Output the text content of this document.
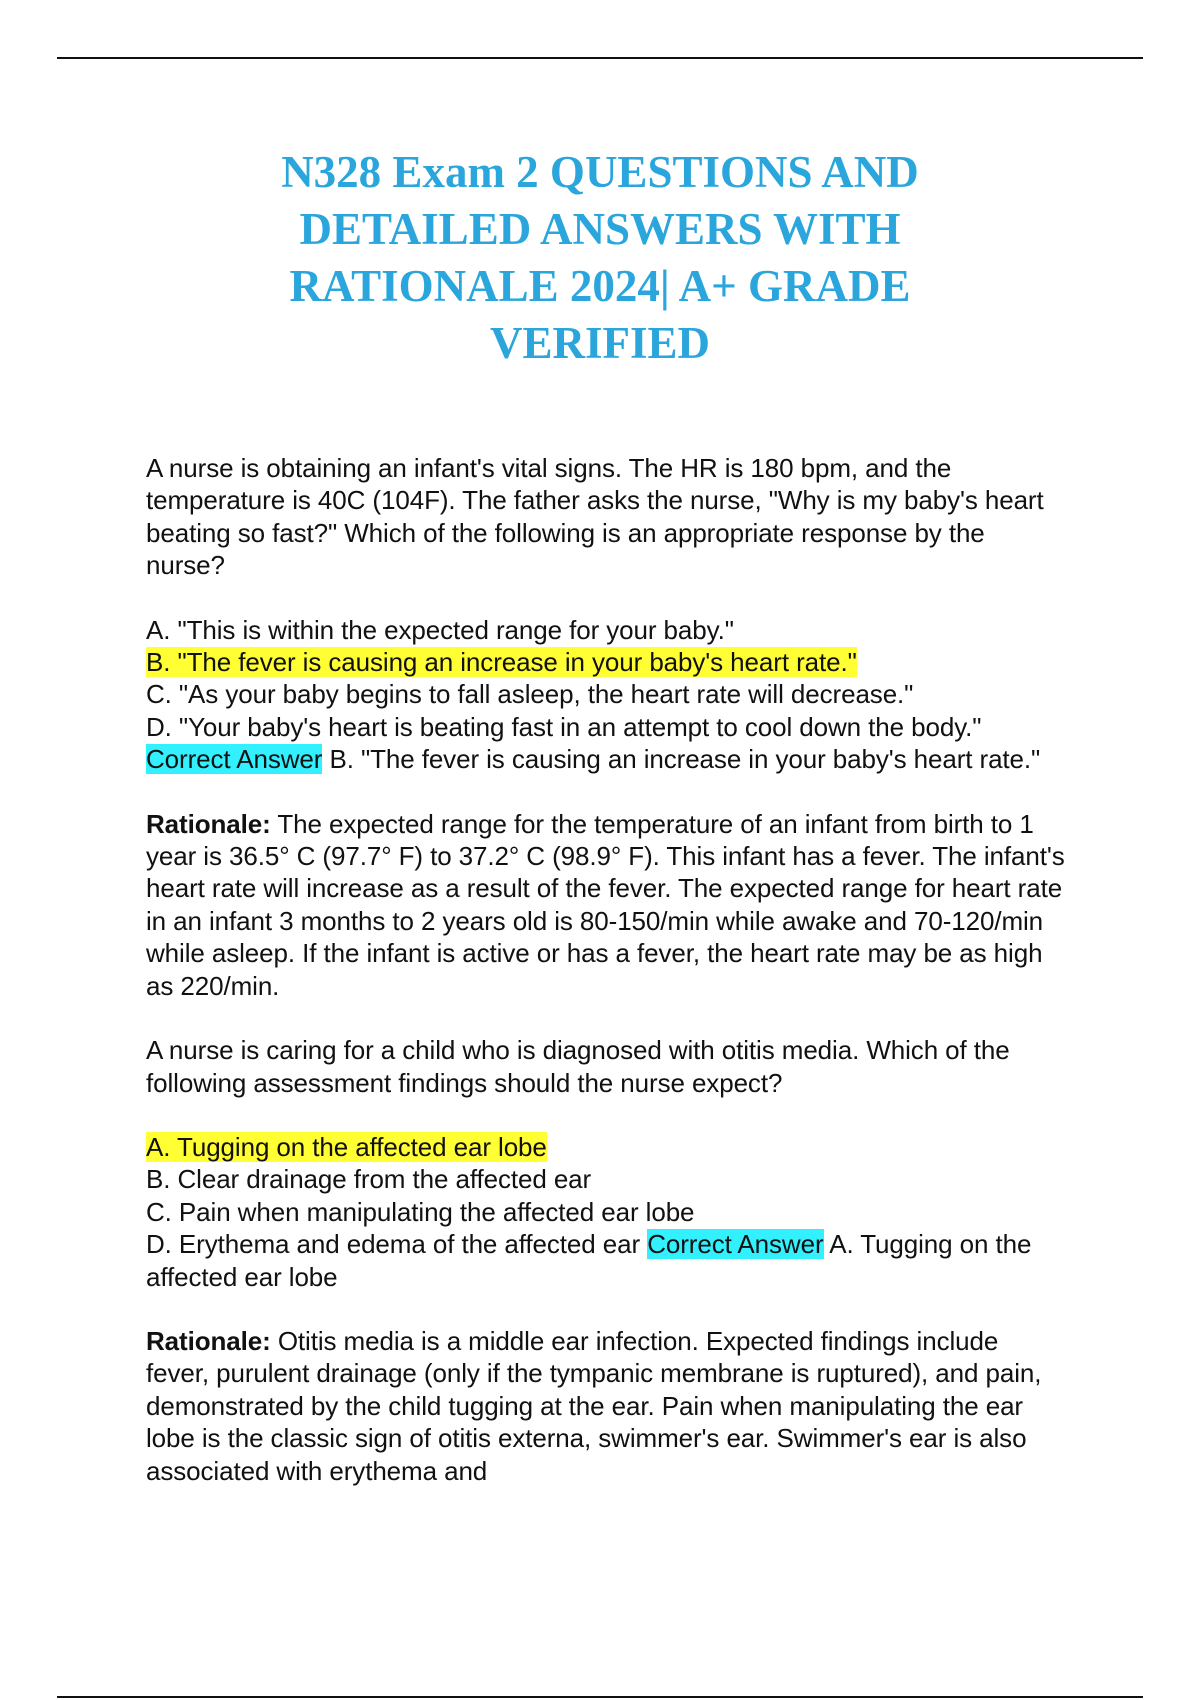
N328 Exam 2 QUESTIONS AND DETAILED ANSWERS WITH RATIONALE 2024| A+ GRADE VERIFIED

A nurse is obtaining an infant's vital signs. The HR is 180 bpm, and the temperature is 40C (104F). The father asks the nurse, "Why is my baby's heart beating so fast?" Which of the following is an appropriate response by the nurse?

A. "This is within the expected range for your baby."

B. "The fever is causing an increase in your baby's heart rate."

C. "As your baby begins to fall asleep, the heart rate will decrease."

D. "Your baby's heart is beating fast in an attempt to cool down the body." Correct Answer B. "The fever is causing an increase in your baby's heart rate."

Rationale: The expected range for the temperature of an infant from birth to 1 year is 36.5° C (97.7° F) to 37.2° C (98.9° F). This infant has a fever. The infant's heart rate will increase as a result of the fever. The expected range for heart rate in an infant 3 months to 2 years old is 80-150/min while awake and 70-120/min while asleep. If the infant is active or has a fever, the heart rate may be as high as 220/min.

A nurse is caring for a child who is diagnosed with otitis media. Which of the following assessment findings should the nurse expect?

A. Tugging on the affected ear lobe

B. Clear drainage from the affected ear

C. Pain when manipulating the affected ear lobe

D. Erythema and edema of the affected ear Correct Answer A. Tugging on the affected ear lobe

Rationale: Otitis media is a middle ear infection. Expected findings include fever, purulent drainage (only if the tympanic membrane is ruptured), and pain, demonstrated by the child tugging at the ear. Pain when manipulating the ear lobe is the classic sign of otitis externa, swimmer's ear. Swimmer's ear is also associated with erythema and
